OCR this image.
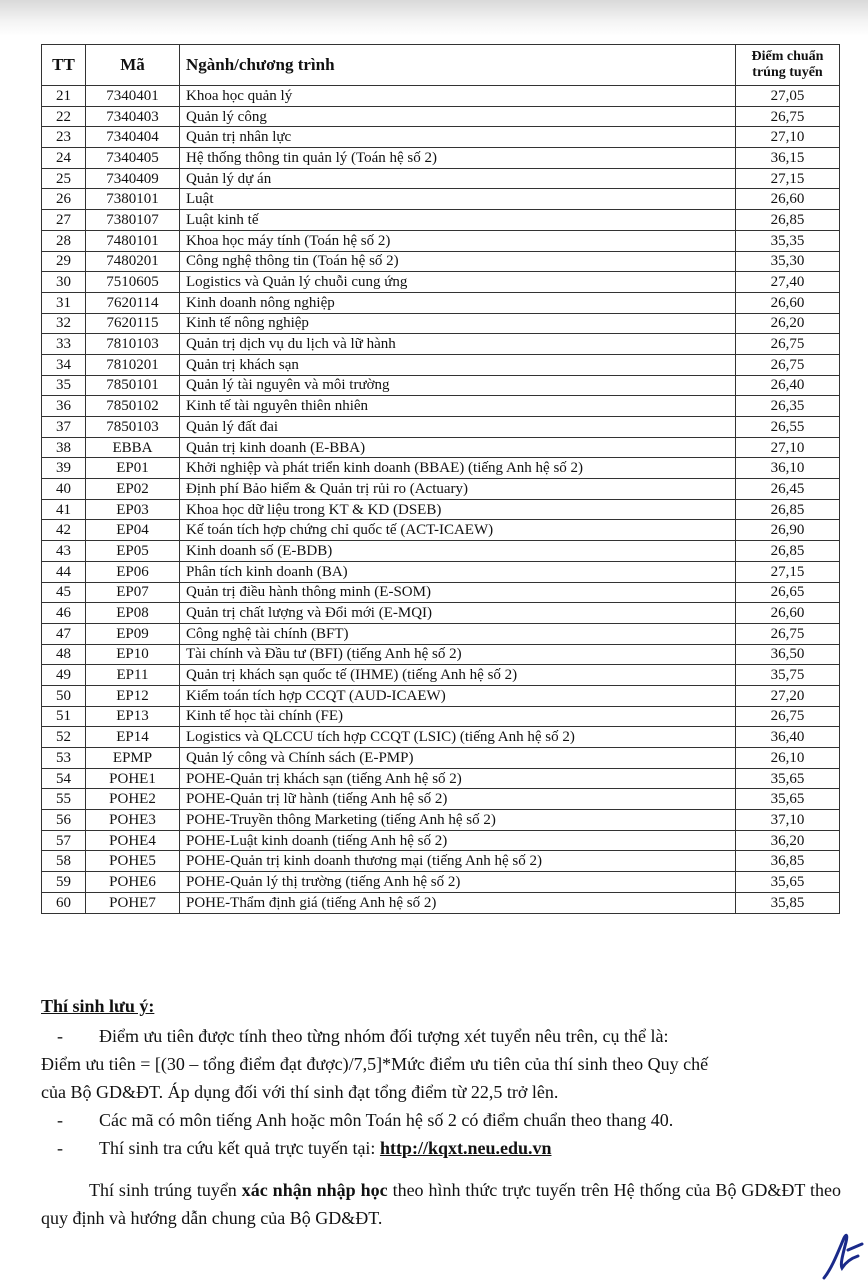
TT	Mã	Ngành/chương trình	Điểm chuẩn
trúng tuyển
21	7340401	Khoa học quản lý	27,05
22	7340403	Quản lý công	26,75
23	7340404	Quản trị nhân lực	27,10
24	7340405	Hệ thống thông tin quản lý (Toán hệ số 2)	36,15
25	7340409	Quản lý dự án	27,15
26	7380101	Luật	26,60
27	7380107	Luật kinh tế	26,85
28	7480101	Khoa học máy tính (Toán hệ số 2)	35,35
29	7480201	Công nghệ thông tin (Toán hệ số 2)	35,30
30	7510605	Logistics và Quản lý chuỗi cung ứng	27,40
31	7620114	Kinh doanh nông nghiệp	26,60
32	7620115	Kinh tế nông nghiệp	26,20
33	7810103	Quản trị dịch vụ du lịch và lữ hành	26,75
34	7810201	Quản trị khách sạn	26,75
35	7850101	Quản lý tài nguyên và môi trường	26,40
36	7850102	Kinh tế tài nguyên thiên nhiên	26,35
37	7850103	Quản lý đất đai	26,55
38	EBBA	Quản trị kinh doanh (E-BBA)	27,10
39	EP01	Khởi nghiệp và phát triển kinh doanh (BBAE) (tiếng Anh hệ số 2)	36,10
40	EP02	Định phí Bảo hiểm & Quản trị rủi ro (Actuary)	26,45
41	EP03	Khoa học dữ liệu trong KT & KD (DSEB)	26,85
42	EP04	Kế toán tích hợp chứng chỉ quốc tế (ACT-ICAEW)	26,90
43	EP05	Kinh doanh số (E-BDB)	26,85
44	EP06	Phân tích kinh doanh (BA)	27,15
45	EP07	Quản trị điều hành thông minh (E-SOM)	26,65
46	EP08	Quản trị chất lượng và Đổi mới (E-MQI)	26,60
47	EP09	Công nghệ tài chính (BFT)	26,75
48	EP10	Tài chính và Đầu tư (BFI) (tiếng Anh hệ số 2)	36,50
49	EP11	Quản trị khách sạn quốc tế (IHME) (tiếng Anh hệ số 2)	35,75
50	EP12	Kiểm toán tích hợp CCQT (AUD-ICAEW)	27,20
51	EP13	Kinh tế học tài chính (FE)	26,75
52	EP14	Logistics và QLCCU tích hợp CCQT (LSIC) (tiếng Anh hệ số 2)	36,40
53	EPMP	Quản lý công và Chính sách (E-PMP)	26,10
54	POHE1	POHE-Quản trị khách sạn (tiếng Anh hệ số 2)	35,65
55	POHE2	POHE-Quản trị lữ hành (tiếng Anh hệ số 2)	35,65
56	POHE3	POHE-Truyền thông Marketing (tiếng Anh hệ số 2)	37,10
57	POHE4	POHE-Luật kinh doanh (tiếng Anh hệ số 2)	36,20
58	POHE5	POHE-Quản trị kinh doanh thương mại (tiếng Anh hệ số 2)	36,85
59	POHE6	POHE-Quản lý thị trường (tiếng Anh hệ số 2)	35,65
60	POHE7	POHE-Thẩm định giá (tiếng Anh hệ số 2)	35,85
Thí sinh lưu ý:
- Điểm ưu tiên được tính theo từng nhóm đối tượng xét tuyển nêu trên, cụ thể là:
Điểm ưu tiên = [(30 – tổng điểm đạt được)/7,5]*Mức điểm ưu tiên của thí sinh theo Quy chế
của Bộ GD&ĐT. Áp dụng đối với thí sinh đạt tổng điểm từ 22,5 trở lên.
- Các mã có môn tiếng Anh hoặc môn Toán hệ số 2 có điểm chuẩn theo thang 40.
- Thí sinh tra cứu kết quả trực tuyến tại: http://kqxt.neu.edu.vn
Thí sinh trúng tuyển xác nhận nhập học theo hình thức trực tuyến trên Hệ thống của Bộ GD&ĐT theo quy định và hướng dẫn chung của Bộ GD&ĐT.
